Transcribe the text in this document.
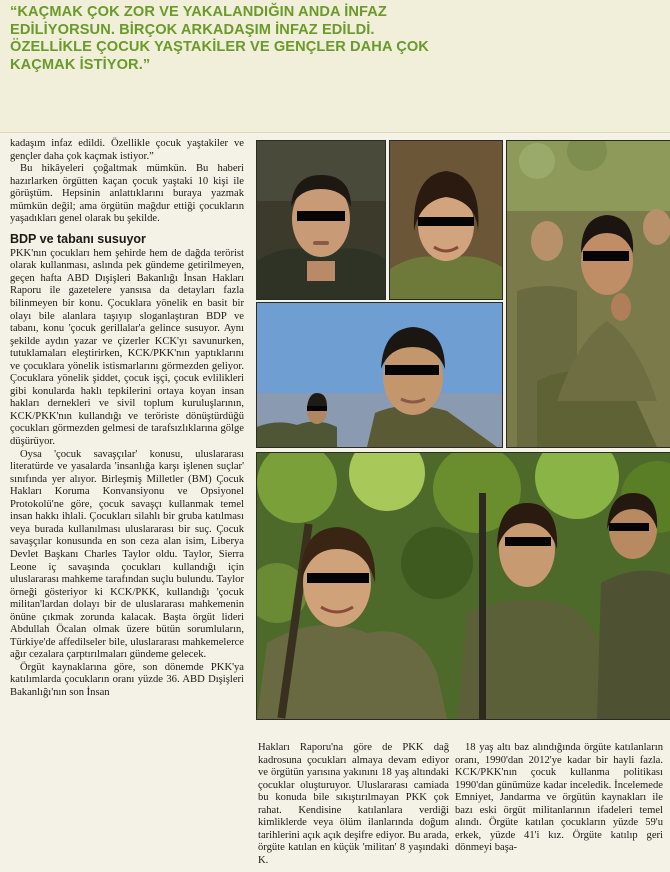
“KAÇMAK ÇOK ZOR VE YAKALANDIĞIN ANDA İNFAZ EDİLİYORSUN. BİRÇOK ARKADAŞIM İNFAZ EDİLDİ. ÖZELLİKLE ÇOCUK YAŞTAKİLER VE GENÇLER DAHA ÇOK KAÇMAK İSTİYOR.”

kadaşım infaz edildi. Özellikle çocuk yaştakiler ve gençler daha çok kaçmak istiyor.”

Bu hikâyeleri çoğaltmak mümkün. Bu haberi hazırlarken örgütten kaçan çocuk yaştaki 10 kişi ile görüştüm. Hepsinin anlattıklarını buraya yazmak mümkün değil; ama örgütün mağdur ettiği çocukların yaşadıkları genel olarak bu şekilde.

BDP ve tabanı susuyor

PKK'nın çocukları hem şehirde hem de dağda terörist olarak kullanması, aslında pek gündeme getirilmeyen, geçen hafta ABD Dışişleri Bakanlığı İnsan Hakları Raporu ile gazetelere yansısa da detayları fazla bilinmeyen bir konu. Çocuklara yönelik en basit bir olayı bile alanlara taşıyıp sloganlaştıran BDP ve tabanı, konu 'çocuk gerillalar'a gelince susuyor. Aynı şekilde aydın yazar ve çizerler KCK'yı savunurken, tutuklamaları eleştirirken, KCK/PKK'nın yaptıklarını ve çocuklara yönelik istismarlarını görmezden geliyor. Çocuklara yönelik şiddet, çocuk işçi, çocuk evlilikleri gibi konularda haklı tepkilerini ortaya koyan insan hakları dernekleri ve sivil toplum kuruluşlarının, KCK/PKK'nın kullandığı ve teröriste dönüştürdüğü çocukları görmezden gelmesi de tarafsızlıklarına gölge düşürüyor.

Oysa 'çocuk savaşçılar' konusu, uluslararası literatürde ve yasalarda 'insanlığa karşı işlenen suçlar' sınıfında yer alıyor. Birleşmiş Milletler (BM) Çocuk Hakları Koruma Konvansiyonu ve Opsiyonel Protokolü'ne göre, çocuk savaşçı kullanmak temel insan hakkı ihlali. Çocukları silahlı bir gruba katılması veya burada kullanılması uluslararası bir suç. Çocuk savaşçılar konusunda en son ceza alan isim, Liberya Devlet Başkanı Charles Taylor oldu. Taylor, Sierra Leone iç savaşında çocukları kullandığı için uluslararası mahkeme tarafından suçlu bulundu. Taylor örneği gösteriyor ki KCK/PKK, kullandığı 'çocuk militan'lardan dolayı bir de uluslararası mahkemenin önüne çıkmak zorunda kalacak. Başta örgüt lideri Abdullah Öcalan olmak üzere bütün sorumluların, Türkiye'de affedilseler bile, uluslararası mahkemelerce ağır cezalara çarptırılmaları gündeme gelecek.

Örgüt kaynaklarına göre, son dönemde PKK'ya katılımlarda çocukların oranı yüzde 36. ABD Dışişleri Bakanlığı'nın son İnsan

Hakları Raporu'na göre de PKK dağ kadrosuna çocukları almaya devam ediyor ve örgütün yarısına yakınını 18 yaş altındaki çocuklar oluşturuyor. Uluslararası camiada bu konuda bile sıkıştırılmayan PKK çok rahat. Kendisine katılanlara verdiği kimliklerde veya ölüm ilanlarında doğum tarihlerini açık açık deşifre ediyor. Bu arada, örgüte katılan en küçük 'militan' 8 yaşındaki K.

18 yaş altı baz alındığında örgüte katılanların oranı, 1990'dan 2012'ye kadar bir hayli fazla. KCK/PKK'nın çocuk kullanma politikası 1990'dan günümüze kadar inceledik. İncelemede Emniyet, Jandarma ve örgütün kaynakları ile bazı eski örgüt militanlarının ifadeleri temel alındı. Örgüte katılan çocukların yüzde 59'u erkek, yüzde 41'i kız. Örgüte katılıp geri dönmeyi başa-
